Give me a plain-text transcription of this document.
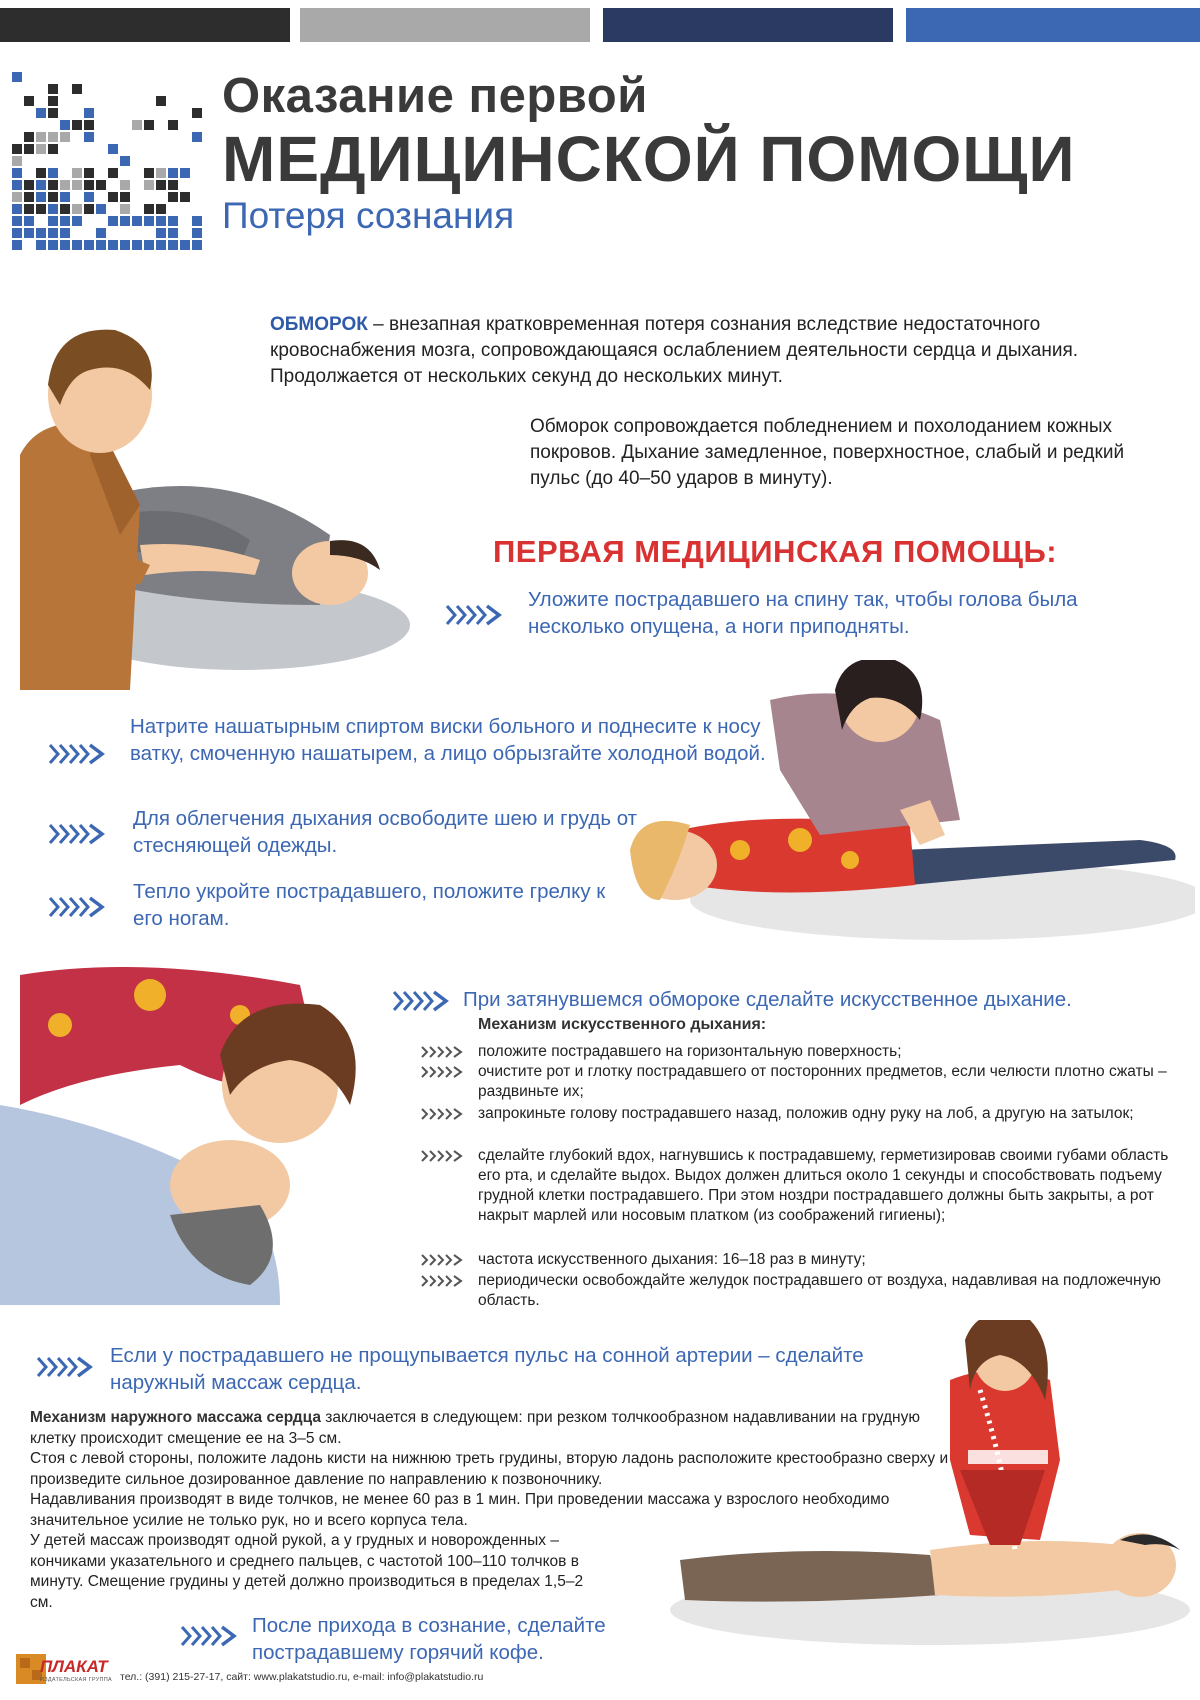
Оказание первой
МЕДИЦИНСКОЙ ПОМОЩИ
Потеря сознания
ОБМОРОК – внезапная кратковременная потеря сознания вследствие недостаточного кровоснабжения мозга, сопровождающаяся ослаблением деятельности сердца и дыхания. Продолжается от нескольких секунд до нескольких минут.
Обморок сопровождается побледнением и похолоданием кожных покровов. Дыхание замедленное, поверхностное, слабый и редкий пульс (до 40–50 ударов в минуту).
ПЕРВАЯ МЕДИЦИНСКАЯ ПОМОЩЬ:
Уложите пострадавшего на спину так, чтобы голова была несколько опущена, а ноги приподняты.
Натрите нашатырным спиртом виски больного и поднесите к носу ватку, смоченную нашатырем, а лицо обрызгайте холодной водой.
Для облегчения дыхания освободите шею и грудь от стесняющей одежды.
Тепло укройте пострадавшего, положите грелку к его ногам.
При затянувшемся обмороке сделайте искусственное дыхание.
Механизм искусственного дыхания:
положите пострадавшего на горизонтальную поверхность;
очистите рот и глотку пострадавшего от посторонних предметов, если челюсти плотно сжаты – раздвиньте их;
запрокиньте голову пострадавшего назад, положив одну руку на лоб, а другую на затылок;
сделайте глубокий вдох, нагнувшись к пострадавшему, герметизировав своими губами область его рта, и сделайте выдох. Выдох должен длиться около 1 секунды и способствовать подъему грудной клетки пострадавшего. При этом ноздри пострадавшего должны быть закрыты, а рот накрыт марлей или носовым платком (из соображений гигиены);
частота искусственного дыхания: 16–18 раз в минуту;
периодически освобождайте желудок пострадавшего от воздуха, надавливая на подложечную область.
Если у пострадавшего не прощупывается пульс на сонной артерии – сделайте наружный массаж сердца.
Механизм наружного массажа сердца заключается в следующем: при резком толчкообразном надавливании на грудную клетку происходит смещение ее на 3–5 см.
Стоя с левой стороны, положите ладонь кисти на нижнюю треть грудины, вторую ладонь расположите крестообразно сверху и произведите сильное дозированное давление по направлению к позвоночнику.
Надавливания производят в виде толчков, не менее 60 раз в 1 мин. При проведении массажа у взрослого необходимо значительное усилие не только рук, но и всего корпуса тела.
У детей массаж производят одной рукой, а у грудных и новорожденных – кончиками указательного и среднего пальцев, с частотой 100–110 толчков в минуту. Смещение грудины у детей должно производиться в пределах 1,5–2 см.
После прихода в сознание, сделайте пострадавшему горячий кофе.
ПЛАКАТ
ИЗДАТЕЛЬСКАЯ ГРУППА тел.: (391) 215-27-17, сайт: www.plakatstudio.ru, e-mail: info@plakatstudio.ru
